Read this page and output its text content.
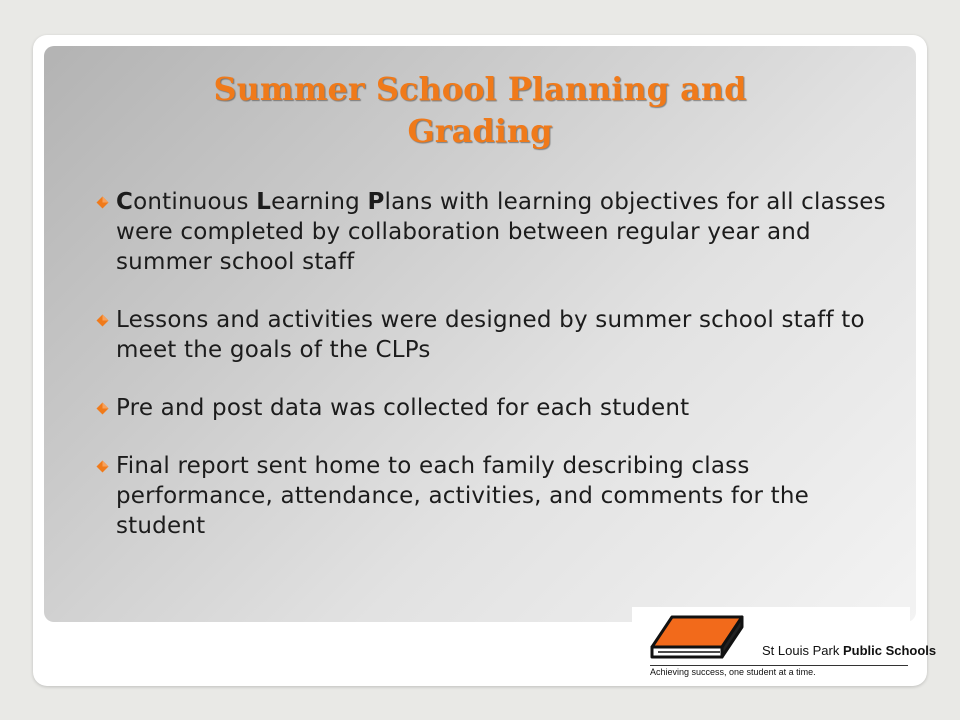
Summer School Planning and
Grading
Continuous Learning Plans with learning objectives for all classes were completed by collaboration between regular year and summer school staff
Lessons and activities were designed by summer school staff to meet the goals of the CLPs
Pre and post data was collected for each student
Final report sent home to each family describing class performance, attendance, activities, and comments for the student
St Louis Park Public Schools
Achieving success, one student at a time.
